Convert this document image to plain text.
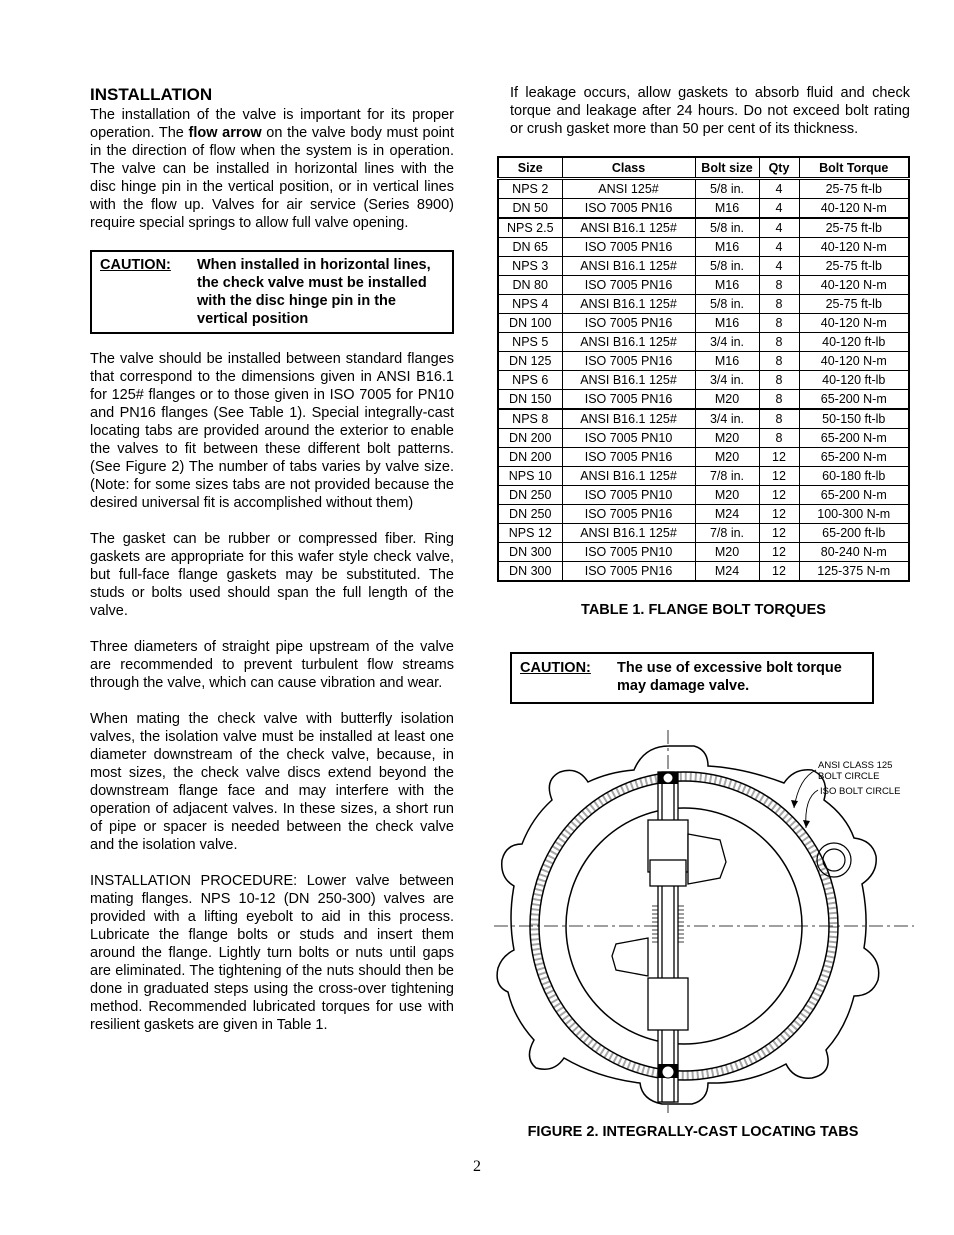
INSTALLATION

The installation of the valve is important for its proper operation. The flow arrow on the valve body must point in the direction of flow when the system is in operation. The valve can be installed in horizontal lines with the disc hinge pin in the vertical position, or in vertical lines with the flow up. Valves for air service (Series 8900) require special springs to allow full valve opening.

CAUTION:	When installed in horizontal lines, the check valve must be installed with the disc hinge pin in the vertical position

The valve should be installed between standard flanges that correspond to the dimensions given in ANSI B16.1 for 125# flanges or to those given in ISO 7005 for PN10 and PN16 flanges (See Table 1). Special integrally-cast locating tabs are provided around the exterior to enable the valves to fit between these different bolt patterns. (See Figure 2) The number of tabs varies by valve size. (Note: for some sizes tabs are not provided because the desired universal fit is accomplished without them)

The gasket can be rubber or compressed fiber. Ring gaskets are appropriate for this wafer style check valve, but full-face flange gaskets may be substituted. The studs or bolts used should span the full length of the valve.

Three diameters of straight pipe upstream of the valve are recommended to prevent turbulent flow streams through the valve, which can cause vibration and wear.

When mating the check valve with butterfly isolation valves, the isolation valve must be installed at least one diameter downstream of the check valve, because, in most sizes, the check valve discs extend beyond the downstream flange face and may interfere with the operation of adjacent valves. In these sizes, a short run of pipe or spacer is needed between the check valve and the isolation valve.

INSTALLATION PROCEDURE: Lower valve between mating flanges. NPS 10-12 (DN 250-300) valves are provided with a lifting eyebolt to aid in this process. Lubricate the flange bolts or studs and insert them around the flange. Lightly turn bolts or nuts until gaps are eliminated. The tightening of the nuts should then be done in graduated steps using the cross-over tightening method. Recommended lubricated torques for use with resilient gaskets are given in Table 1.

If leakage occurs, allow gaskets to absorb fluid and check torque and leakage after 24 hours. Do not exceed bolt rating or crush gasket more than 50 per cent of its thickness.

Size	Class	Bolt size	Qty	Bolt Torque
NPS 2	ANSI 125#	5/8 in.	4	25-75 ft-lb
DN 50	ISO 7005 PN16	M16	4	40-120 N-m
NPS 2.5	ANSI B16.1 125#	5/8 in.	4	25-75 ft-lb
DN 65	ISO 7005 PN16	M16	4	40-120 N-m
NPS 3	ANSI B16.1 125#	5/8 in.	4	25-75 ft-lb
DN 80	ISO 7005 PN16	M16	8	40-120 N-m
NPS 4	ANSI B16.1 125#	5/8 in.	8	25-75 ft-lb
DN 100	ISO 7005 PN16	M16	8	40-120 N-m
NPS 5	ANSI B16.1 125#	3/4 in.	8	40-120 ft-lb
DN 125	ISO 7005 PN16	M16	8	40-120 N-m
NPS 6	ANSI B16.1 125#	3/4 in.	8	40-120 ft-lb
DN 150	ISO 7005 PN16	M20	8	65-200 N-m
NPS 8	ANSI B16.1 125#	3/4 in.	8	50-150 ft-lb
DN 200	ISO 7005 PN10	M20	8	65-200 N-m
DN 200	ISO 7005 PN16	M20	12	65-200 N-m
NPS 10	ANSI B16.1 125#	7/8 in.	12	60-180 ft-lb
DN 250	ISO 7005 PN10	M20	12	65-200 N-m
DN 250	ISO 7005 PN16	M24	12	100-300 N-m
NPS 12	ANSI B16.1 125#	7/8 in.	12	65-200 ft-lb
DN 300	ISO 7005 PN10	M20	12	80-240 N-m
DN 300	ISO 7005 PN16	M24	12	125-375 N-m
TABLE 1. FLANGE BOLT TORQUES
CAUTION:	The use of excessive bolt torque may damage valve.
ANSI CLASS 125
BOLT CIRCLE
ISO BOLT CIRCLE
FIGURE 2. INTEGRALLY-CAST LOCATING TABS
2
